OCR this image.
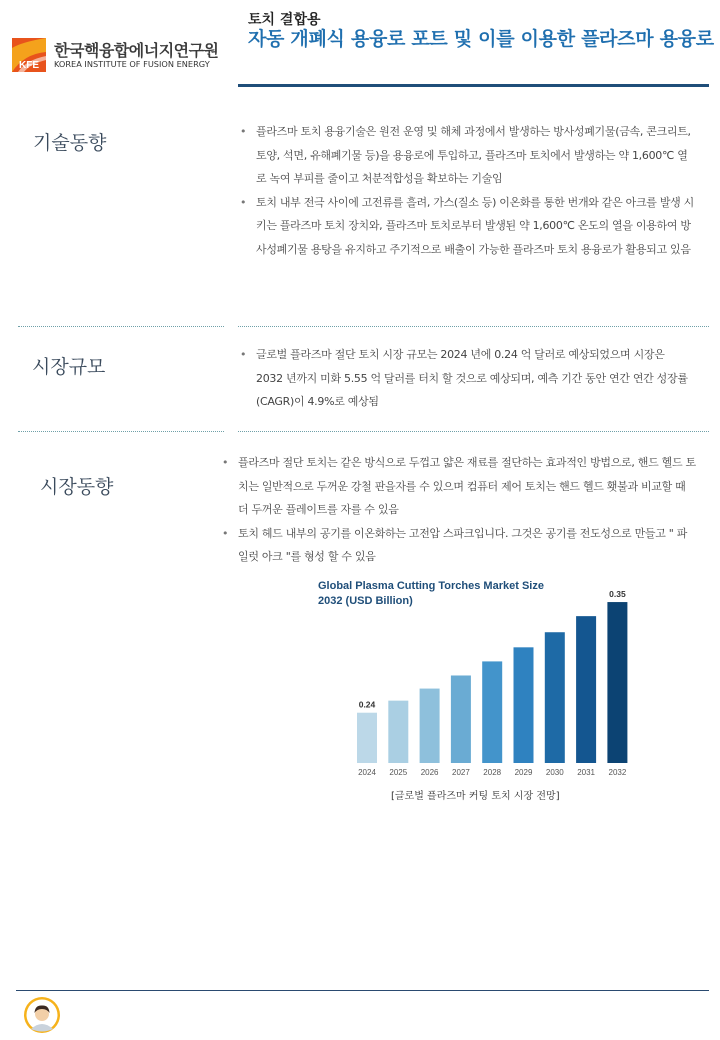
KFE
한국핵융합에너지연구원
KOREA INSTITUTE OF FUSION ENERGY
토치 결합용
자동 개폐식 용융로 포트 및 이를 이용한 플라즈마 용융로
기술동향
• 플라즈마 토치 용융기술은 원전 운영 및 해체 과정에서 발생하는 방사성폐기물(금속, 콘크리트,토양, 석면, 유해폐기물 등)을 용융로에 투입하고, 플라즈마 토치에서 발생하는 약 1,600℃ 열로 녹여 부피를 줄이고 처분적합성을 확보하는 기술임
• 토치 내부 전극 사이에 고전류를 흘려, 가스(질소 등) 이온화를 통한 번개와 같은 아크를 발생 시키는 플라즈마 토치 장치와, 플라즈마 토치로부터 발생된 약 1,600℃ 온도의 열을 이용하여 방사성폐기물 용탕을 유지하고 주기적으로 배출이 가능한 플라즈마 토치 용융로가 활용되고 있음
시장규모
• 글로벌 플라즈마 절단 토치 시장 규모는 2024 년에 0.24 억 달러로 예상되었으며 시장은 2032 년까지 미화 5.55 억 달러를 터치 할 것으로 예상되며, 예측 기간 동안 연간 연간 성장률 (CAGR)이 4.9%로 예상됨
시장동향
• 플라즈마 절단 토치는 같은 방식으로 두껍고 얇은 재료를 절단하는 효과적인 방법으로, 핸드 헬드 토치는 일반적으로 두꺼운 강철 판을자를 수 있으며 컴퓨터 제어 토치는 핸드 헬드 횃불과 비교할 때 더 두꺼운 플레이트를 자를 수 있음
• 토치 헤드 내부의 공기를 이온화하는 고전압 스파크입니다. 그것은 공기를 전도성으로 만들고 " 파일럿 아크 "를 형성 할 수 있음
Global Plasma Cutting Torches Market Size
2032 (USD Billion)
2024
0.24
2025 2026 2027 2028 2029 2030 2031 2032
0.35
[글로벌 플라즈마 커팅 토치 시장 전망]
